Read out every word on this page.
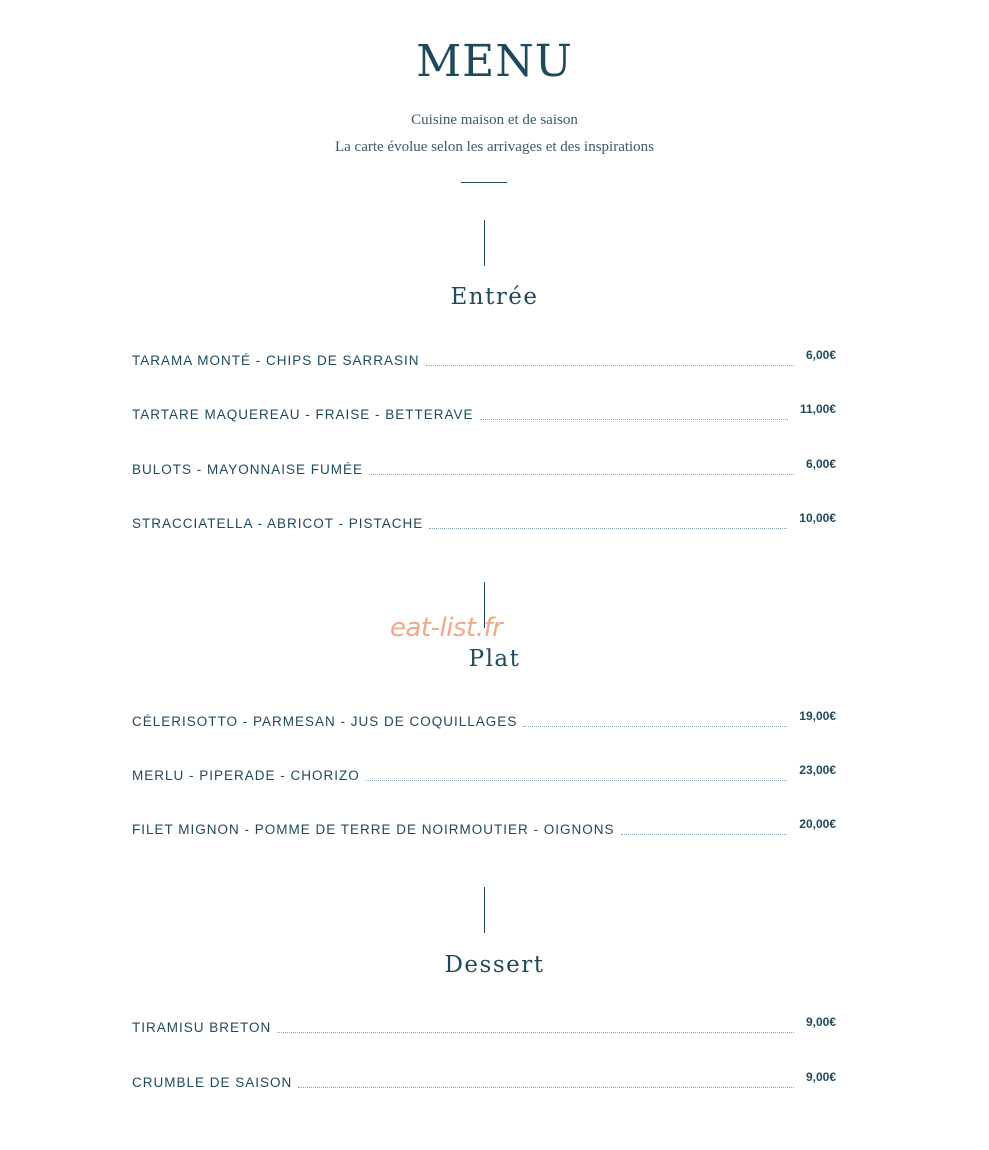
MENU
Cuisine maison et de saison
La carte évolue selon les arrivages et des inspirations
Entrée
TARAMA MONTÉ - CHIPS DE SARRASIN	6,00€
TARTARE MAQUEREAU - FRAISE - BETTERAVE	11,00€
BULOTS - MAYONNAISE FUMÉE	6,00€
STRACCIATELLA - ABRICOT - PISTACHE	10,00€
Plat
CÉLERISOTTO - PARMESAN - JUS DE COQUILLAGES	19,00€
MERLU - PIPERADE - CHORIZO	23,00€
FILET MIGNON - POMME DE TERRE DE NOIRMOUTIER - OIGNONS	20,00€
Dessert
TIRAMISU BRETON	9,00€
CRUMBLE DE SAISON	9,00€
eat-list.fr
